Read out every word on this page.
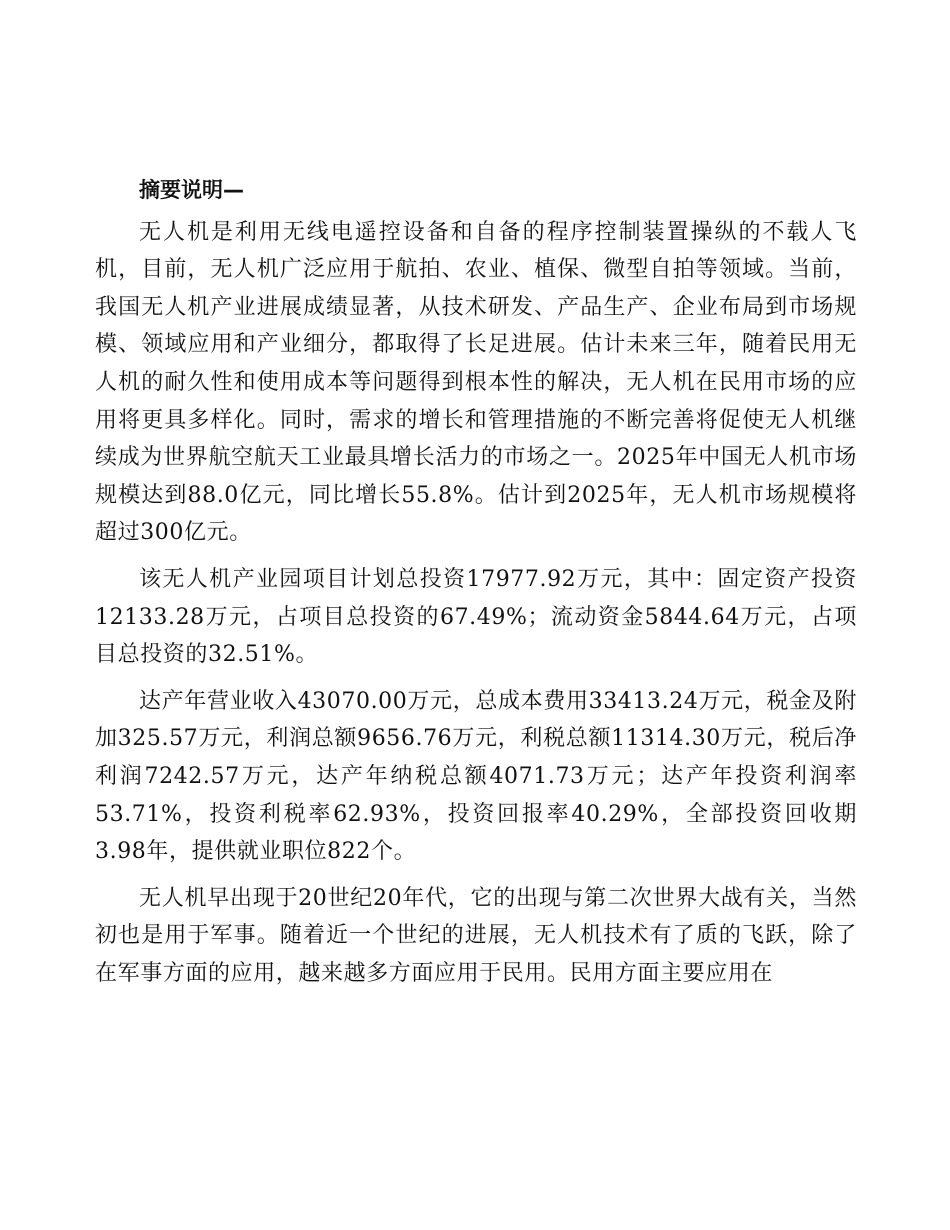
摘要说明—

无人机是利用无线电遥控设备和自备的程序控制装置操纵的不载人飞机，目前，无人机广泛应用于航拍、农业、植保、微型自拍等领域。当前，我国无人机产业进展成绩显著，从技术研发、产品生产、企业布局到市场规模、领域应用和产业细分，都取得了长足进展。估计未来三年，随着民用无人机的耐久性和使用成本等问题得到根本性的解决，无人机在民用市场的应用将更具多样化。同时，需求的增长和管理措施的不断完善将促使无人机继续成为世界航空航天工业最具增长活力的市场之一。2025年中国无人机市场规模达到88.0亿元，同比增长55.8%。估计到2025年，无人机市场规模将超过300亿元。

该无人机产业园项目计划总投资17977.92万元，其中：固定资产投资12133.28万元，占项目总投资的67.49%；流动资金5844.64万元，占项目总投资的32.51%。

达产年营业收入43070.00万元，总成本费用33413.24万元，税金及附加325.57万元，利润总额9656.76万元，利税总额11314.30万元，税后净利润7242.57万元，达产年纳税总额4071.73万元；达产年投资利润率53.71%，投资利税率62.93%，投资回报率40.29%，全部投资回收期3.98年，提供就业职位822个。

无人机早出现于20世纪20年代，它的出现与第二次世界大战有关，当然初也是用于军事。随着近一个世纪的进展，无人机技术有了质的飞跃，除了在军事方面的应用，越来越多方面应用于民用。民用方面主要应用在
